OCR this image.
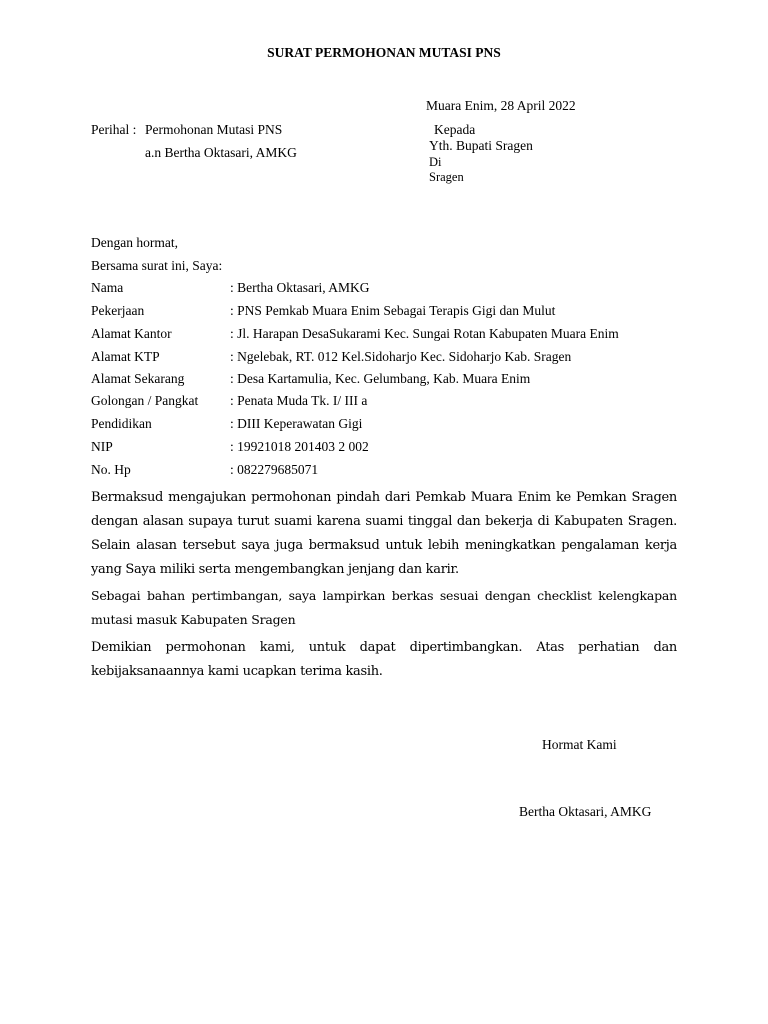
SURAT PERMOHONAN MUTASI PNS
Muara Enim, 28 April 2022
Perihal : Permohonan Mutasi PNS
a.n Bertha Oktasari, AMKG
Kepada
Yth. Bupati Sragen
Di
Sragen
Dengan hormat,
Bersama surat ini, Saya:
Nama	: Bertha Oktasari, AMKG
Pekerjaan	: PNS Pemkab Muara Enim Sebagai Terapis Gigi dan Mulut
Alamat Kantor	: Jl. Harapan DesaSukarami Kec. Sungai Rotan Kabupaten Muara Enim
Alamat KTP	: Ngelebak, RT. 012 Kel.Sidoharjo Kec. Sidoharjo Kab. Sragen
Alamat Sekarang	: Desa Kartamulia, Kec. Gelumbang, Kab. Muara Enim
Golongan / Pangkat : Penata Muda Tk. I/ III a
Pendidikan	: DIII Keperawatan Gigi
NIP	: 19921018 201403 2 002
No. Hp	: 082279685071
Bermaksud mengajukan permohonan pindah dari Pemkab Muara Enim ke Pemkan Sragen dengan alasan supaya turut suami karena suami tinggal dan bekerja di Kabupaten Sragen. Selain alasan tersebut saya juga bermaksud untuk lebih meningkatkan pengalaman kerja yang Saya miliki serta mengembangkan jenjang dan karir.
Sebagai bahan pertimbangan, saya lampirkan berkas sesuai dengan checklist kelengkapan mutasi masuk Kabupaten Sragen
Demikian permohonan kami, untuk dapat dipertimbangkan. Atas perhatian dan kebijaksanaannya kami ucapkan terima kasih.
Hormat Kami
Bertha Oktasari, AMKG
